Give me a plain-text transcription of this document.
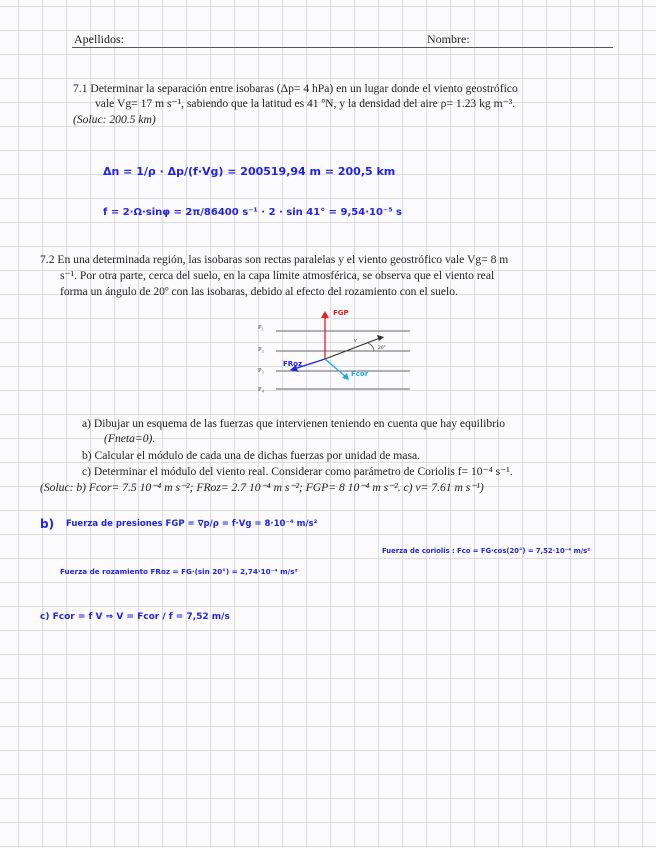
Apellidos:	Nombre:
7.1 Determinar la separación entre isobaras (Δp= 4 hPa) en un lugar donde el viento geostrófico
vale Vg= 17 m s⁻¹, sabiendo que la latitud es 41 ºN, y la densidad del aire ρ= 1.23 kg m⁻³.
(Soluc: 200.5 km)
Δn = 1/ρ · Δp/(f·Vg) = 200519,94 m = 200,5 km
f = 2·Ω·sinφ = 2π/86400 s⁻¹ · 2 · sin 41° = 9,54·10⁻⁵ s
7.2 En una determinada región, las isobaras son rectas paralelas y el viento geostrófico vale Vg= 8 m
s⁻¹. Por otra parte, cerca del suelo, en la capa límite atmosférica, se observa que el viento real
forma un ángulo de 20º con las isobaras, debido al efecto del rozamiento con el suelo.
P₁
P₂
P₃
P₄
FGP
v
20°
FRoz
Fcor
a) Dibujar un esquema de las fuerzas que intervienen teniendo en cuenta que hay equilibrio
(Fneta=0).
b) Calcular el módulo de cada una de dichas fuerzas por unidad de masa.
c) Determinar el módulo del viento real. Considerar como parámetro de Coriolis f= 10⁻⁴ s⁻¹.
(Soluc: b) Fcor= 7.5 10⁻⁴ m s⁻²; FRoz= 2.7 10⁻⁴ m s⁻²; FGP= 8 10⁻⁴ m s⁻². c) v= 7.61 m s⁻¹)
b) Fuerza de presiones FGP = ∇p/ρ = f·Vg = 8·10⁻⁴ m/s²
Fuerza de coriolis : Fco = FG·cos(20°) = 7,52·10⁻⁴ m/s²
Fuerza de rozamiento FRoz = FG·(sin 20°) = 2,74·10⁻⁴ m/s²
c) Fcor = f V ⇒ V = Fcor / f = 7,52 m/s
